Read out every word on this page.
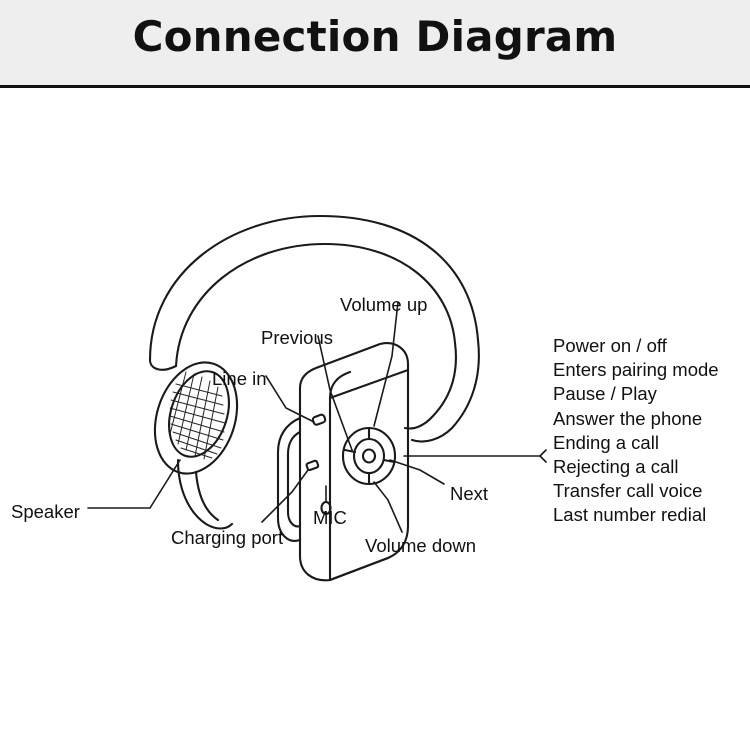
Connection Diagram
Volume up
Previous
Line in
Speaker
Charging port
MIC
Volume down
Next
Power on / off
Enters pairing mode
Pause / Play
Answer the phone
Ending a call
Rejecting a call
Transfer call voice
Last number redial
